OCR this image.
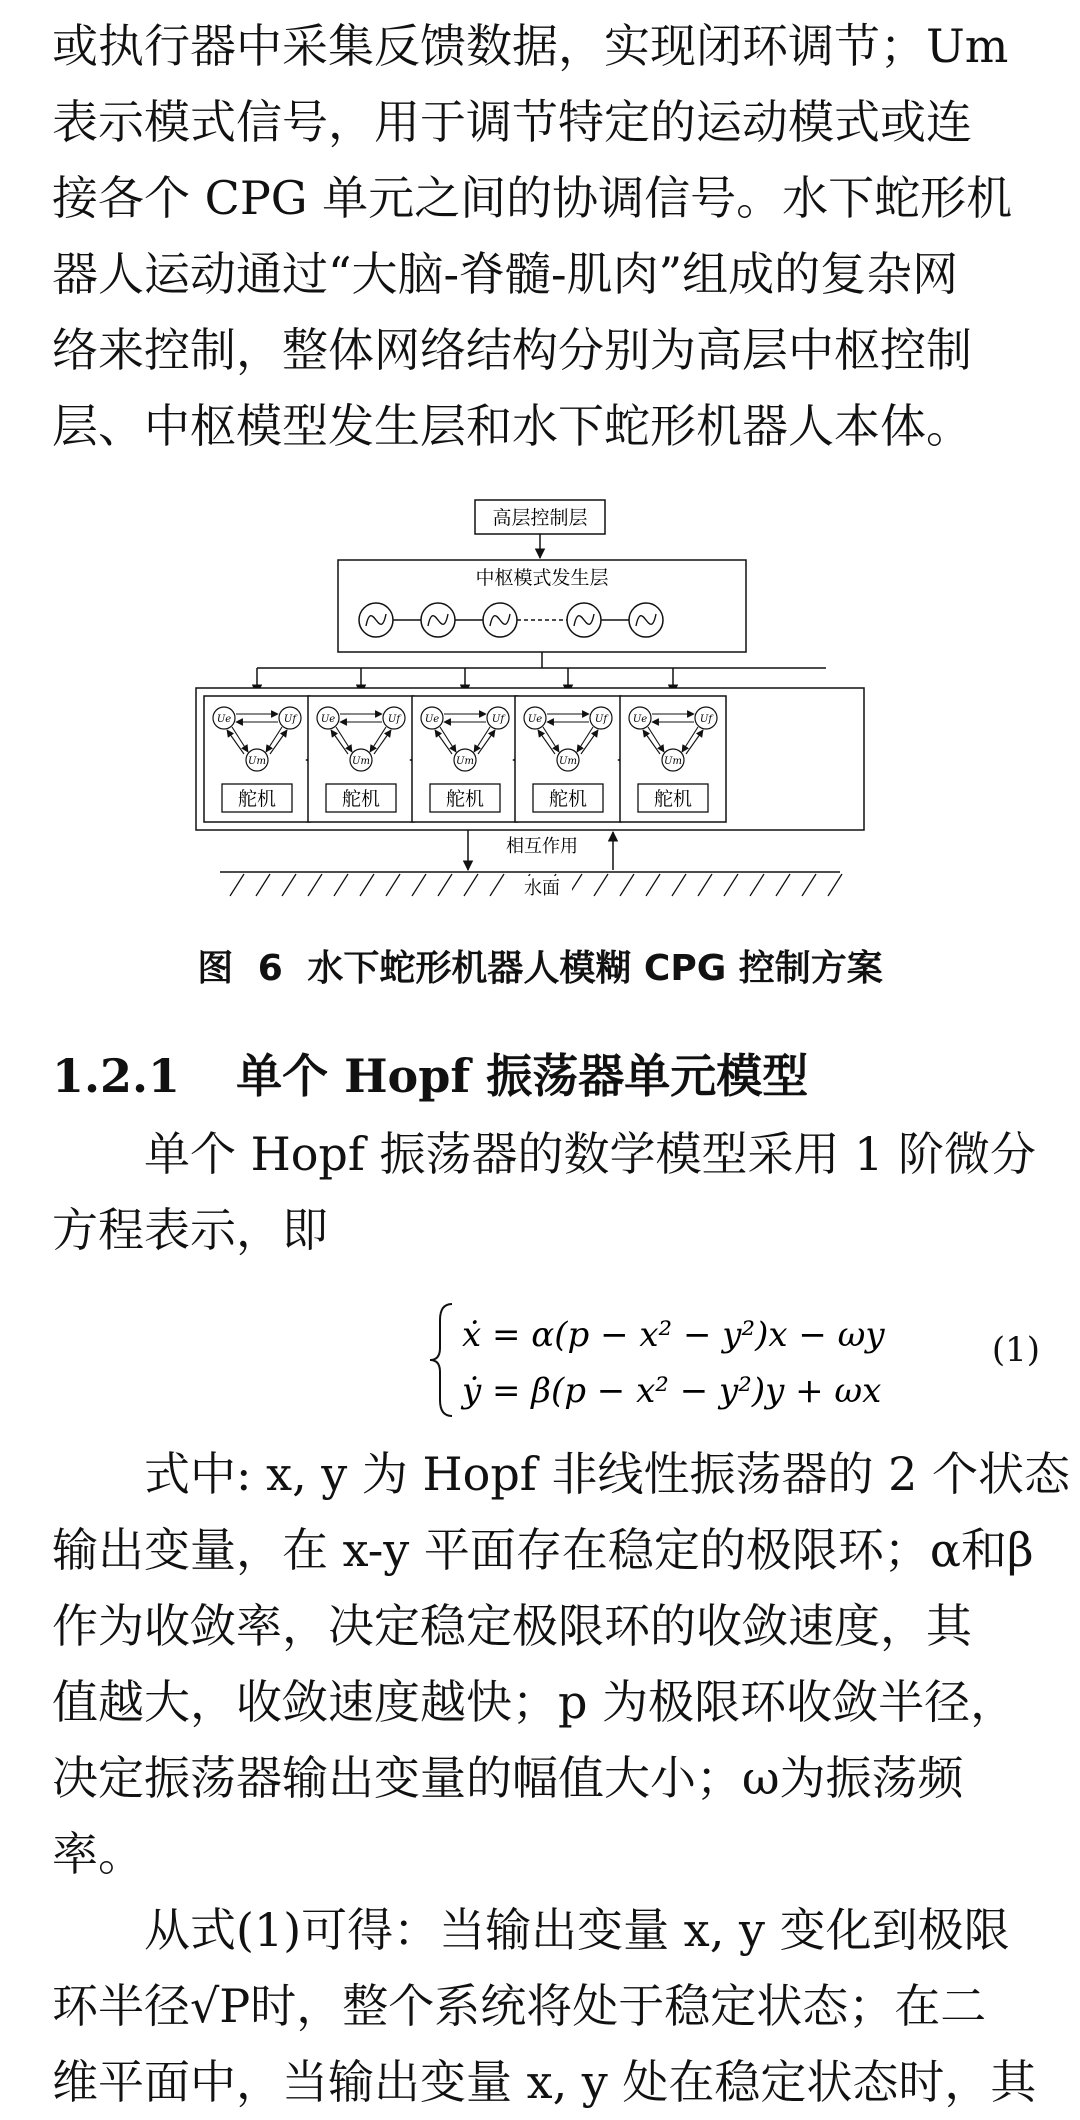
或执行器中采集反馈数据，实现闭环调节；Um
表示模式信号，用于调节特定的运动模式或连
接各个 CPG 单元之间的协调信号。水下蛇形机
器人运动通过“大脑-脊髓-肌肉”组成的复杂网
络来控制，整体网络结构分别为高层中枢控制
层、中枢模型发生层和水下蛇形机器人本体。

高层控制层
中枢模式发生层
Ue	Uf
Um
舵机
Ue	Uf
Um
舵机
Ue	Uf
Um
舵机
Ue	Uf
Um
舵机
Ue	Uf
Um
舵机
相互作用
水面
图 6 水下蛇形机器人模糊 CPG 控制方案
1.2.1 单个 Hopf 振荡器单元模型

单个 Hopf 振荡器的数学模型采用 1 阶微分
方程表示，即

ẋ = α(p − x² − y²)x − ωy
ẏ = β(p − x² − y²)y + ωx
(1)

式中: x, y 为 Hopf 非线性振荡器的 2 个状态
输出变量，在 x-y 平面存在稳定的极限环；α和β
作为收敛率，决定稳定极限环的收敛速度，其
值越大，收敛速度越快；p 为极限环收敛半径，
决定振荡器输出变量的幅值大小；ω为振荡频
率。

从式(1)可得：当输出变量 x, y 变化到极限
环半径√P时，整个系统将处于稳定状态；在二
维平面中，当输出变量 x, y 处在稳定状态时，其
